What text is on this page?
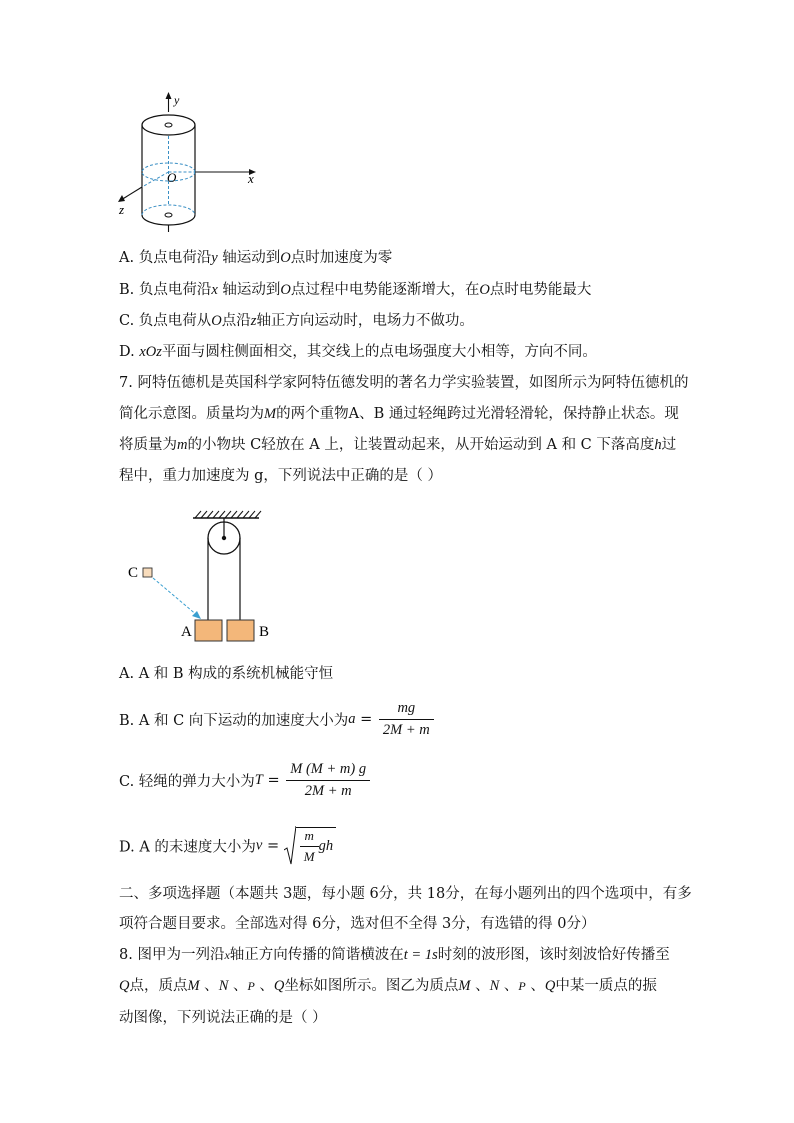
y
x
z
O
A. 负点电荷沿y 轴运动到O点时加速度为零
B. 负点电荷沿x 轴运动到O点过程中电势能逐渐增大，在O点时电势能最大
C. 负点电荷从O点沿z轴正方向运动时，电场力不做功。
D. xOz平面与圆柱侧面相交，其交线上的点电场强度大小相等，方向不同。
7. 阿特伍德机是英国科学家阿特伍德发明的著名力学实验装置，如图所示为阿特伍德机的
简化示意图。质量均为M的两个重物A、B 通过轻绳跨过光滑轻滑轮，保持静止状态。现
将质量为m的小物块 C轻放在 A 上，让装置动起来，从开始运动到 A 和 C 下落高度h过
程中，重力加速度为 g，下列说法中正确的是（ ）
C
A	B
A. A 和 B 构成的系统机械能守恒
B. A 和 C 向下运动的加速度大小为$a = \frac{mg}{2M + m}$
C. 轻绳的弹力大小为$T = \frac{M (M + m) g}{2M + m}$
D. A 的末速度大小为$v = \frac{m}{M}$ gh
二、多项选择题（本题共 3题，每小题 6分，共 18分，在每小题列出的四个选项中，有多
项符合题目要求。全部选对得 6分，选对但不全得 3分，有选错的得 0分）
8. 图甲为一列沿x轴正方向传播的简谐横波在t = 1s时刻的波形图，该时刻波恰好传播至
Q点，质点M 、N 、P 、Q坐标如图所示。图乙为质点M 、N 、P 、Q中某一质点的振
动图像，下列说法正确的是（ ）
